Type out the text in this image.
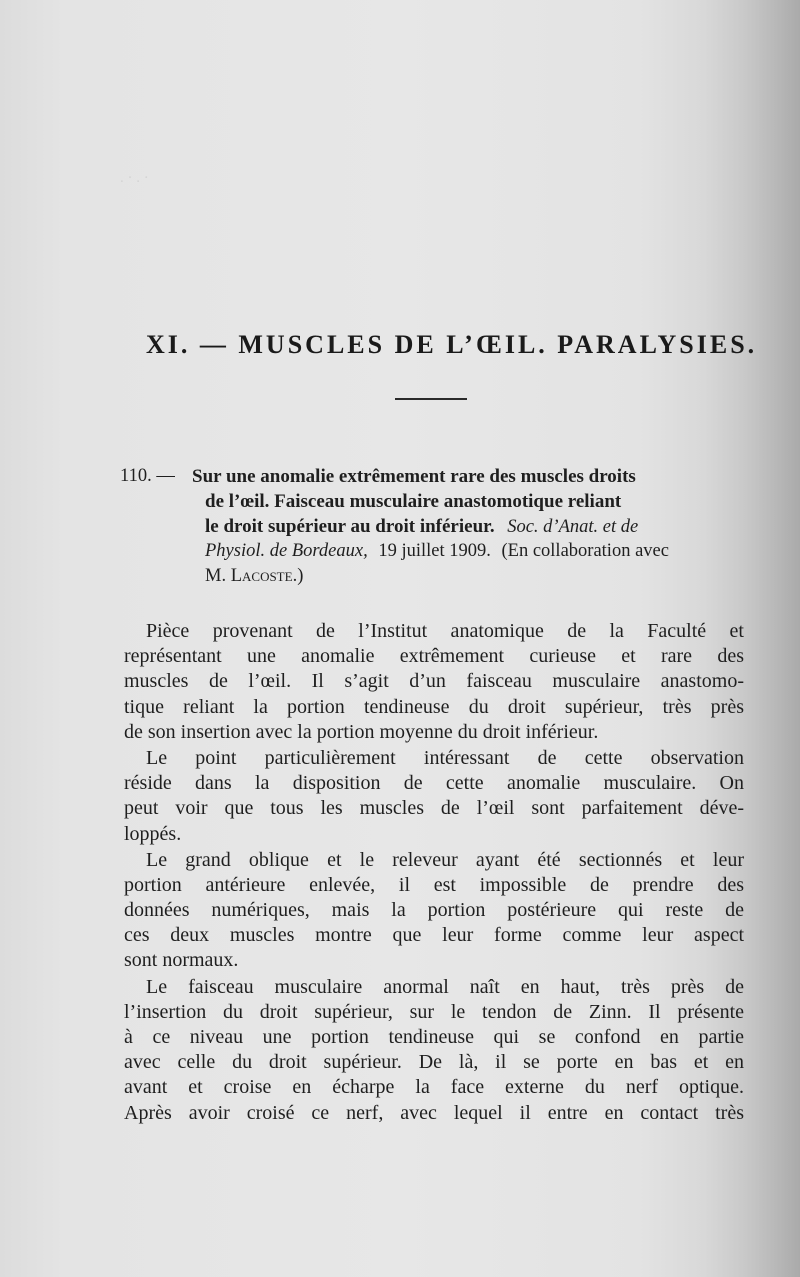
. · . ·
XI. — MUSCLES DE L’ŒIL. PARALYSIES.
110. — Sur une anomalie extrêmement rare des muscles droits
de l’œil. Faisceau musculaire anastomotique reliant
le droit supérieur au droit inférieur. Soc. d’Anat. et de
Physiol. de Bordeaux, 19 juillet 1909. (En collaboration avec
M. Lacoste.)
Pièce provenant de l’Institut anatomique de la Faculté et
représentant une anomalie extrêmement curieuse et rare des
muscles de l’œil. Il s’agit d’un faisceau musculaire anastomo-
tique reliant la portion tendineuse du droit supérieur, très près
de son insertion avec la portion moyenne du droit inférieur.
Le point particulièrement intéressant de cette observation
réside dans la disposition de cette anomalie musculaire. On
peut voir que tous les muscles de l’œil sont parfaitement déve-
loppés.
Le grand oblique et le releveur ayant été sectionnés et leur
portion antérieure enlevée, il est impossible de prendre des
données numériques, mais la portion postérieure qui reste de
ces deux muscles montre que leur forme comme leur aspect
sont normaux.
Le faisceau musculaire anormal naît en haut, très près de
l’insertion du droit supérieur, sur le tendon de Zinn. Il présente
à ce niveau une portion tendineuse qui se confond en partie
avec celle du droit supérieur. De là, il se porte en bas et en
avant et croise en écharpe la face externe du nerf optique.
Après avoir croisé ce nerf, avec lequel il entre en contact très
